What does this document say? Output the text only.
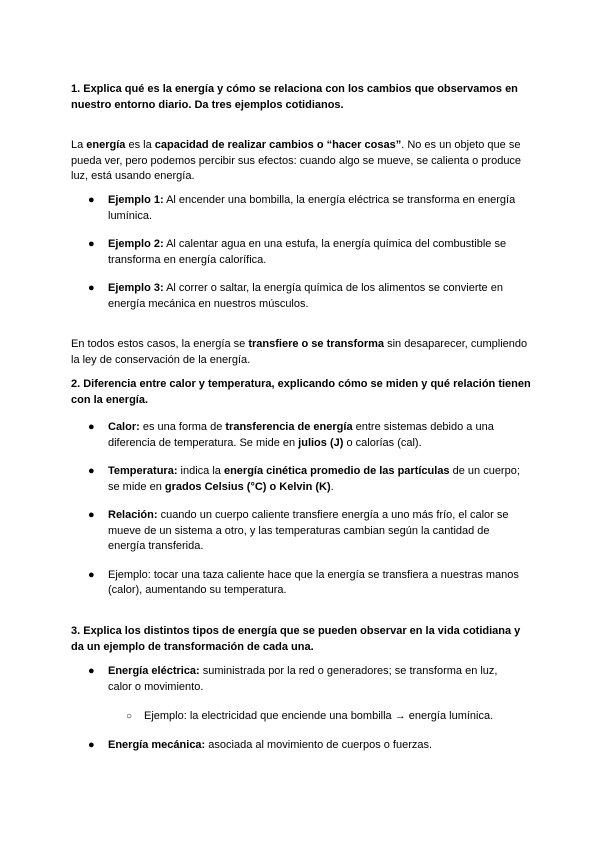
1. Explica qué es la energía y cómo se relaciona con los cambios que observamos en nuestro entorno diario. Da tres ejemplos cotidianos.

La energía es la capacidad de realizar cambios o “hacer cosas”. No es un objeto que se pueda ver, pero podemos percibir sus efectos: cuando algo se mueve, se calienta o produce luz, está usando energía.

● Ejemplo 1: Al encender una bombilla, la energía eléctrica se transforma en energía lumínica.
● Ejemplo 2: Al calentar agua en una estufa, la energía química del combustible se transforma en energía calorífica.
● Ejemplo 3: Al correr o saltar, la energía química de los alimentos se convierte en energía mecánica en nuestros músculos.

En todos estos casos, la energía se transfiere o se transforma sin desaparecer, cumpliendo la ley de conservación de la energía.

2. Diferencia entre calor y temperatura, explicando cómo se miden y qué relación tienen con la energía.

● Calor: es una forma de transferencia de energía entre sistemas debido a una diferencia de temperatura. Se mide en julios (J) o calorías (cal).
● Temperatura: indica la energía cinética promedio de las partículas de un cuerpo; se mide en grados Celsius (°C) o Kelvin (K).
● Relación: cuando un cuerpo caliente transfiere energía a uno más frío, el calor se mueve de un sistema a otro, y las temperaturas cambian según la cantidad de energía transferida.
● Ejemplo: tocar una taza caliente hace que la energía se transfiera a nuestras manos (calor), aumentando su temperatura.

3. Explica los distintos tipos de energía que se pueden observar en la vida cotidiana y da un ejemplo de transformación de cada una.

● Energía eléctrica: suministrada por la red o generadores; se transforma en luz, calor o movimiento.
○ Ejemplo: la electricidad que enciende una bombilla → energía lumínica.
● Energía mecánica: asociada al movimiento de cuerpos o fuerzas.
